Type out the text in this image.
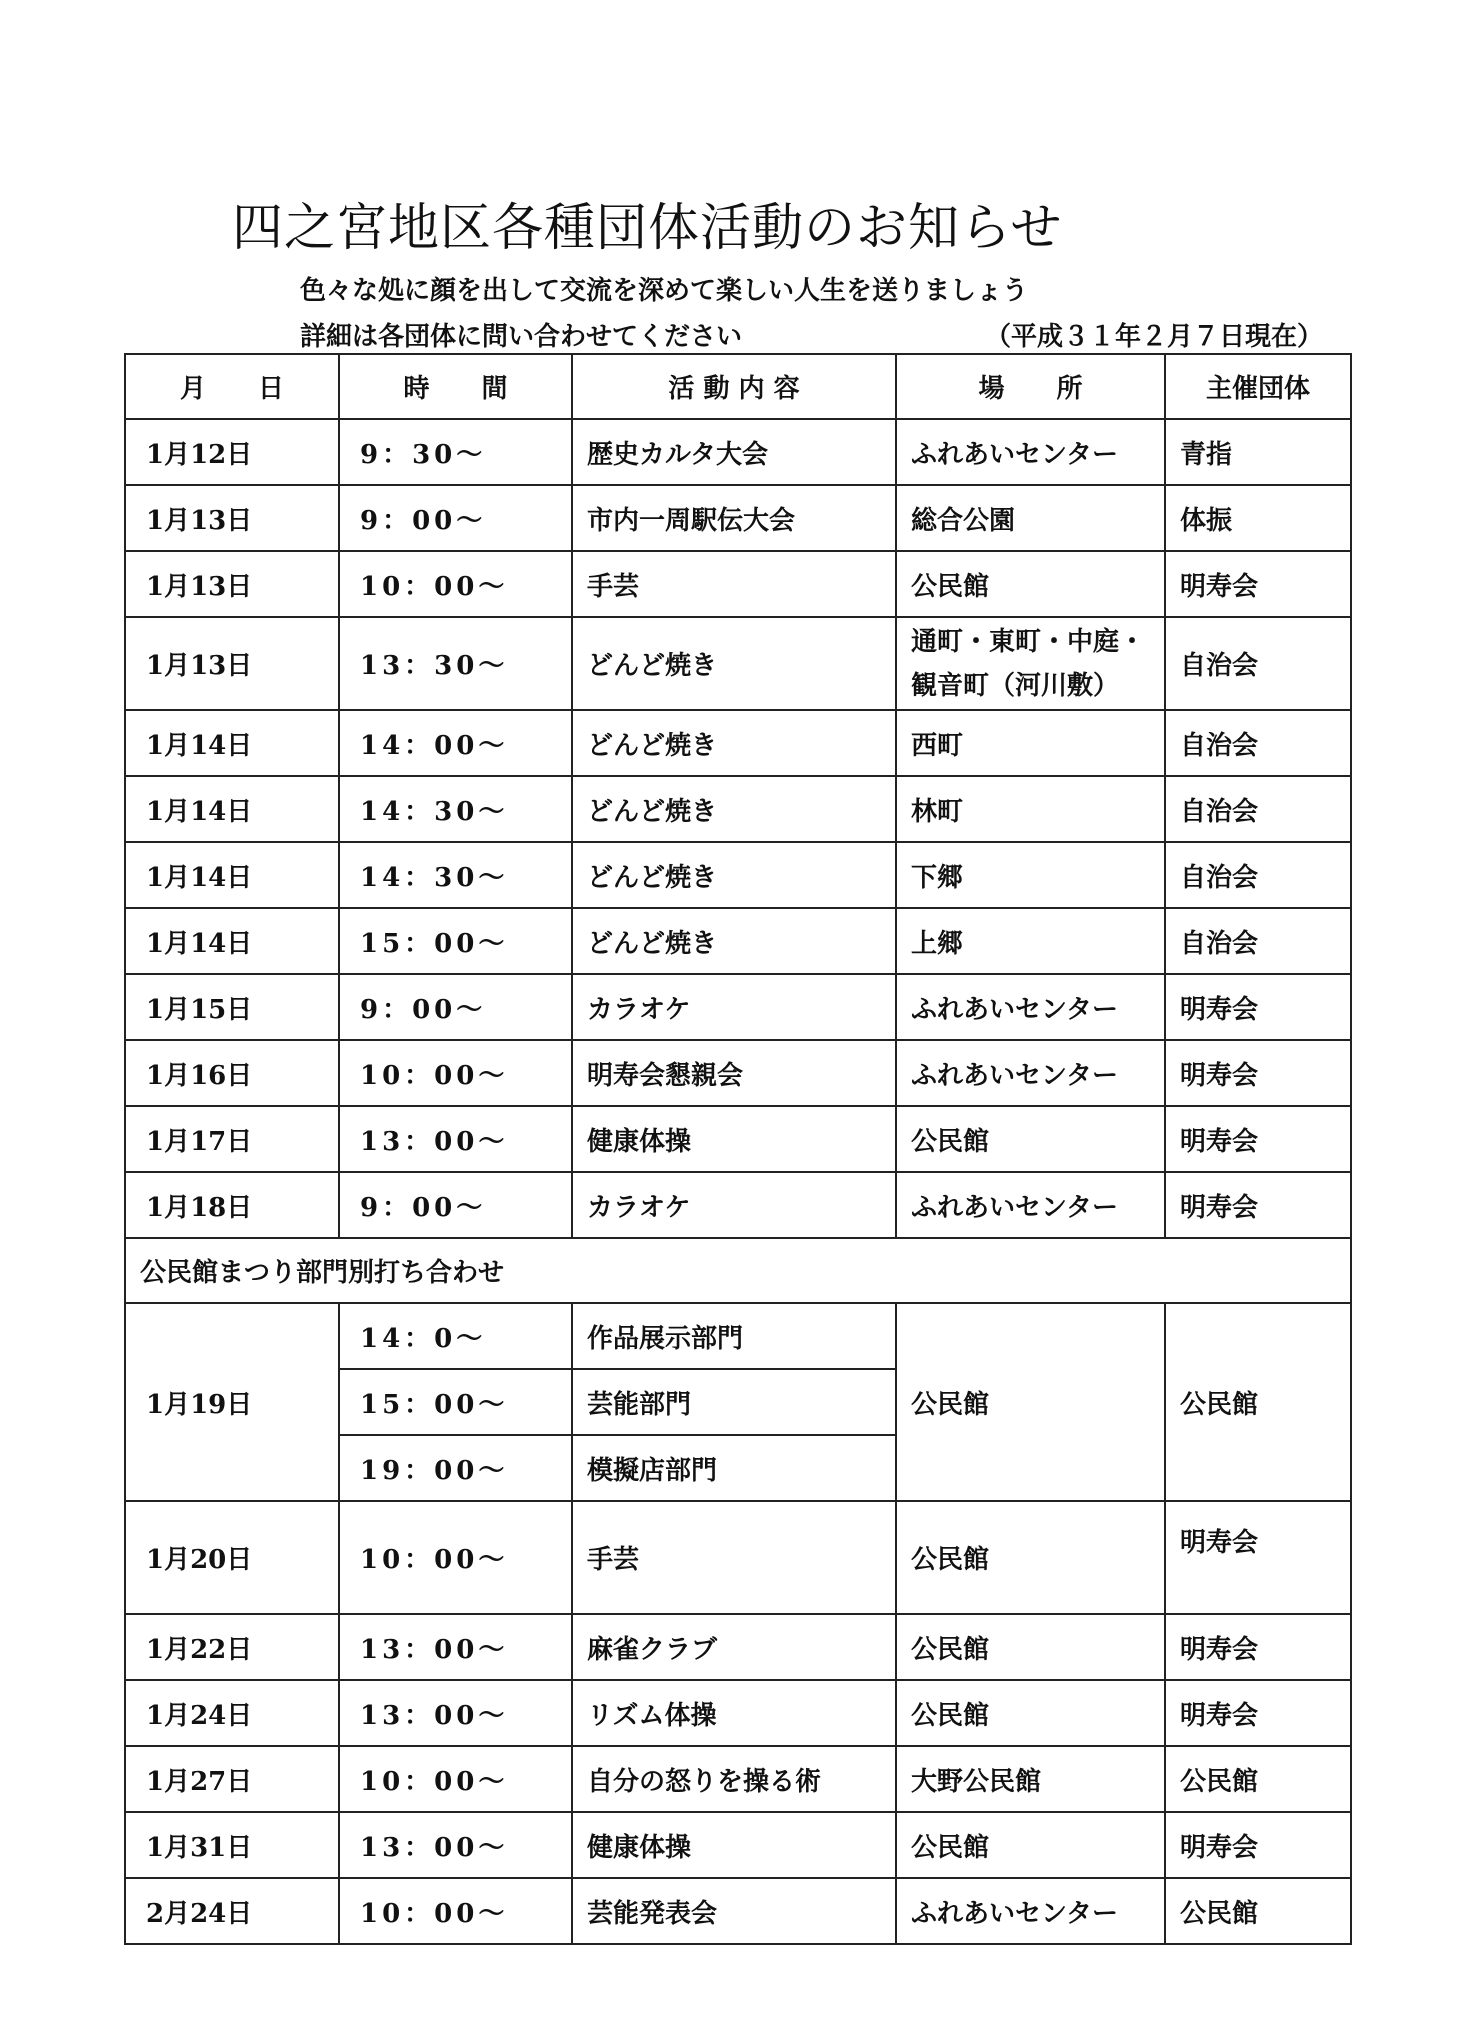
四之宮地区各種団体活動のお知らせ
色々な処に顔を出して交流を深めて楽しい人生を送りましょう
詳細は各団体に問い合わせてください	（平成３１年２月７日現在）
月　　日	時　　間	活 動 内 容	場　　所	主催団体
1月12日	9：30～	歴史カルタ大会	ふれあいセンター	青指
1月13日	9：00～	市内一周駅伝大会	総合公園	体振
1月13日	10：00～	手芸	公民館	明寿会
1月13日	13：30～	どんど焼き	通町・東町・中庭・
観音町（河川敷）	自治会
1月14日	14：00～	どんど焼き	西町	自治会
1月14日	14：30～	どんど焼き	林町	自治会
1月14日	14：30～	どんど焼き	下郷	自治会
1月14日	15：00～	どんど焼き	上郷	自治会
1月15日	9：00～	カラオケ	ふれあいセンター	明寿会
1月16日	10：00～	明寿会懇親会	ふれあいセンター	明寿会
1月17日	13：00～	健康体操	公民館	明寿会
1月18日	9：00～	カラオケ	ふれあいセンター	明寿会
公民館まつり部門別打ち合わせ				
1月19日	14：0～	作品展示部門	公民館	公民館
	15：00～	芸能部門		
	19：00～	模擬店部門		
1月20日	10：00～	手芸	公民館	明寿会
1月22日	13：00～	麻雀クラブ	公民館	明寿会
1月24日	13：00～	リズム体操	公民館	明寿会
1月27日	10：00～	自分の怒りを操る術	大野公民館	公民館
1月31日	13：00～	健康体操	公民館	明寿会
2月24日	10：00～	芸能発表会	ふれあいセンター	公民館
